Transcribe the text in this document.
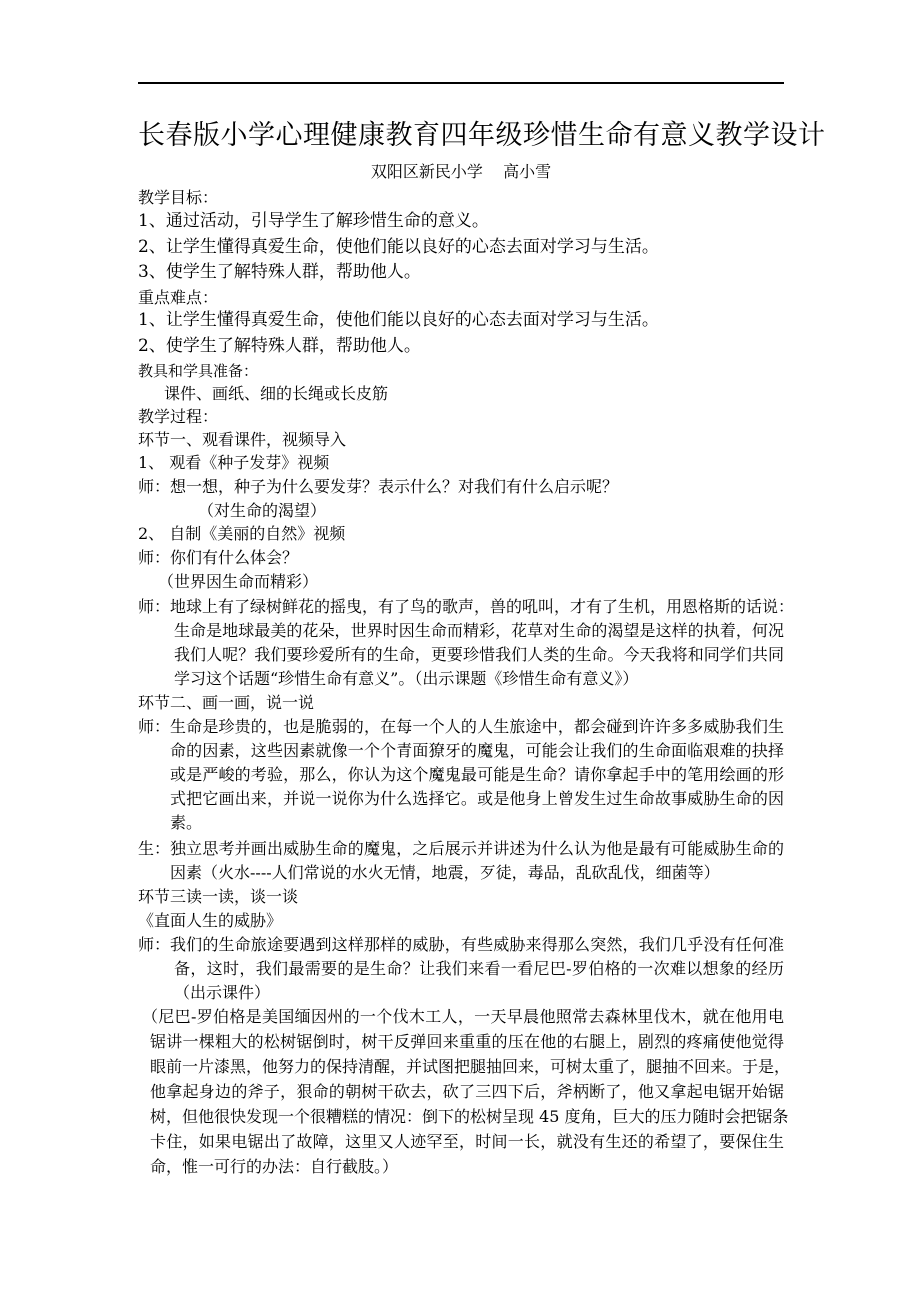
长春版小学心理健康教育四年级珍惜生命有意义教学设计
双阳区新民小学    高小雪
教学目标：
1、通过活动，引导学生了解珍惜生命的意义。
2、让学生懂得真爱生命，使他们能以良好的心态去面对学习与生活。
3、使学生了解特殊人群，帮助他人。
重点难点：
1、让学生懂得真爱生命，使他们能以良好的心态去面对学习与生活。
2、使学生了解特殊人群，帮助他人。
教具和学具准备：
课件、画纸、细的长绳或长皮筋
教学过程：
环节一、观看课件，视频导入
1、 观看《种子发芽》视频
师：想一想，种子为什么要发芽？表示什么？对我们有什么启示呢？
（对生命的渴望）
2、 自制《美丽的自然》视频
师：你们有什么体会？
（世界因生命而精彩）
师： 地球上有了绿树鲜花的摇曳，有了鸟的歌声，兽的吼叫，才有了生机，用恩格斯的话说：
生命是地球最美的花朵，世界时因生命而精彩，花草对生命的渴望是这样的执着，何况
我们人呢？我们要珍爱所有的生命，更要珍惜我们人类的生命。今天我将和同学们共同
学习这个话题“珍惜生命有意义”。（出示课题《珍惜生命有意义》）
环节二、画一画，说一说
师： 生命是珍贵的，也是脆弱的，在每一个人的人生旅途中，都会碰到许许多多威胁我们生
命的因素，这些因素就像一个个青面獠牙的魔鬼，可能会让我们的生命面临艰难的抉择
或是严峻的考验，那么，你认为这个魔鬼最可能是生命？请你拿起手中的笔用绘画的形
式把它画出来，并说一说你为什么选择它。或是他身上曾发生过生命故事威胁生命的因
素。
生： 独立思考并画出威胁生命的魔鬼，之后展示并讲述为什么认为他是最有可能威胁生命的
因素（火水----人们常说的水火无情，地震，歹徒，毒品，乱砍乱伐，细菌等）
环节三读一读，谈一谈
《直面人生的威胁》
师： 我们的生命旅途要遇到这样那样的威胁，有些威胁来得那么突然，我们几乎没有任何准
备，这时，我们最需要的是生命？让我们来看一看尼巴-罗伯格的一次难以想象的经历
（出示课件）
（尼巴-罗伯格是美国缅因州的一个伐木工人，一天早晨他照常去森林里伐木，就在他用电
锯讲一棵粗大的松树锯倒时，树干反弹回来重重的压在他的右腿上，剧烈的疼痛使他觉得
眼前一片漆黑，他努力的保持清醒，并试图把腿抽回来，可树太重了，腿抽不回来。于是，
他拿起身边的斧子，狠命的朝树干砍去，砍了三四下后，斧柄断了，他又拿起电锯开始锯
树，但他很快发现一个很糟糕的情况：倒下的松树呈现 45 度角，巨大的压力随时会把锯条
卡住，如果电锯出了故障，这里又人迹罕至，时间一长，就没有生还的希望了，要保住生
命，惟一可行的办法：自行截肢。）
